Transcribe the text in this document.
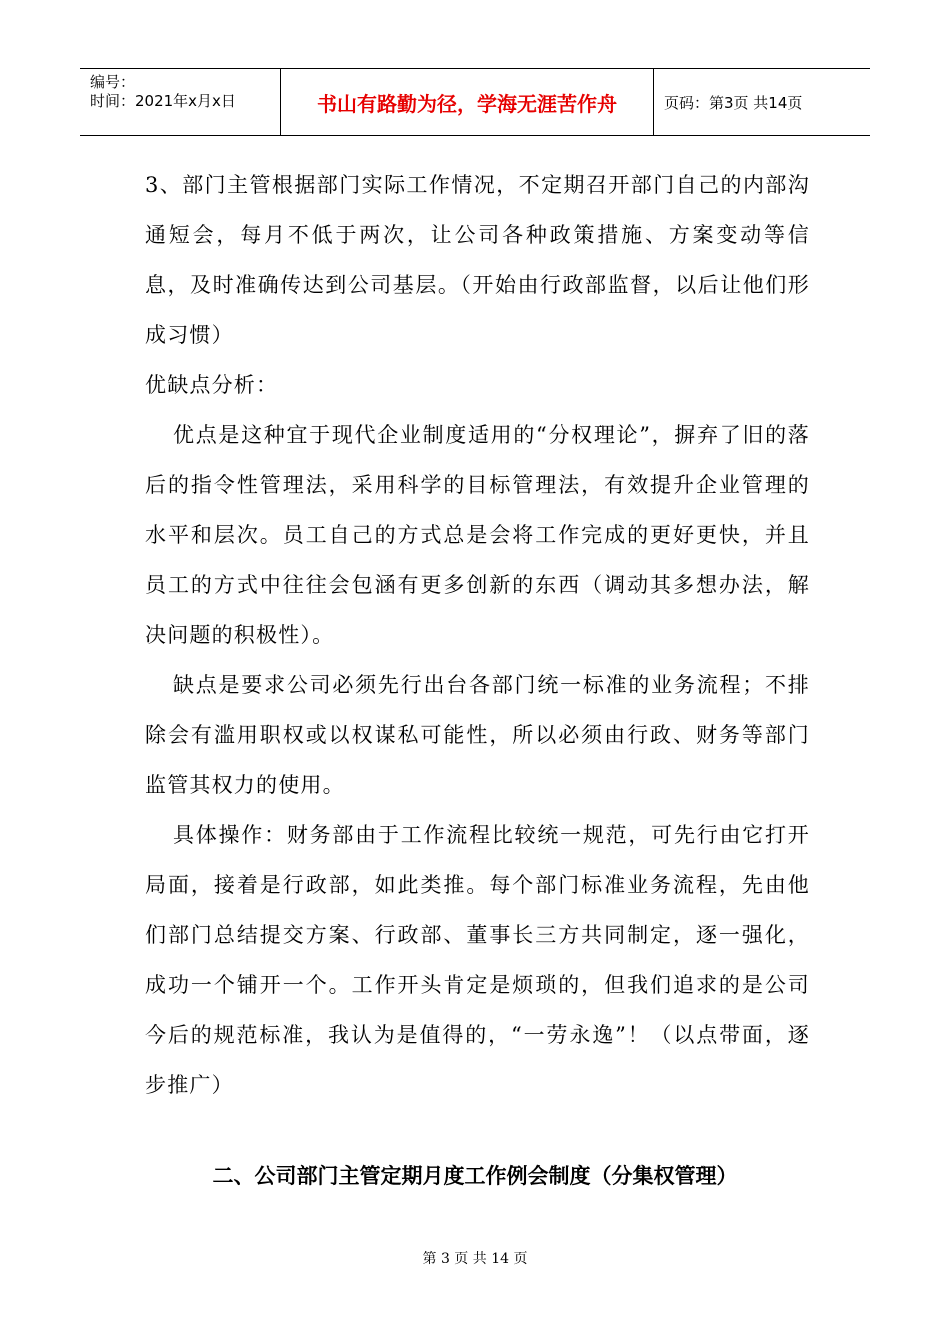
编号：
时间：2021年x月x日	书山有路勤为径，学海无涯苦作舟	页码：第3页 共14页

3、部门主管根据部门实际工作情况，不定期召开部门自己的内部沟通短会，每月不低于两次，让公司各种政策措施、方案变动等信息，及时准确传达到公司基层。（开始由行政部监督，以后让他们形成习惯）

优缺点分析：

优点是这种宜于现代企业制度适用的“分权理论”，摒弃了旧的落后的指令性管理法，采用科学的目标管理法，有效提升企业管理的水平和层次。员工自己的方式总是会将工作完成的更好更快，并且员工的方式中往往会包涵有更多创新的东西（调动其多想办法，解决问题的积极性）。

缺点是要求公司必须先行出台各部门统一标准的业务流程；不排除会有滥用职权或以权谋私可能性，所以必须由行政、财务等部门监管其权力的使用。

具体操作：财务部由于工作流程比较统一规范，可先行由它打开局面，接着是行政部，如此类推。每个部门标准业务流程，先由他们部门总结提交方案、行政部、董事长三方共同制定，逐一强化，成功一个铺开一个。工作开头肯定是烦琐的，但我们追求的是公司今后的规范标准，我认为是值得的，“一劳永逸”！（以点带面，逐步推广）

二、公司部门主管定期月度工作例会制度（分集权管理）
第 3 页 共 14 页
